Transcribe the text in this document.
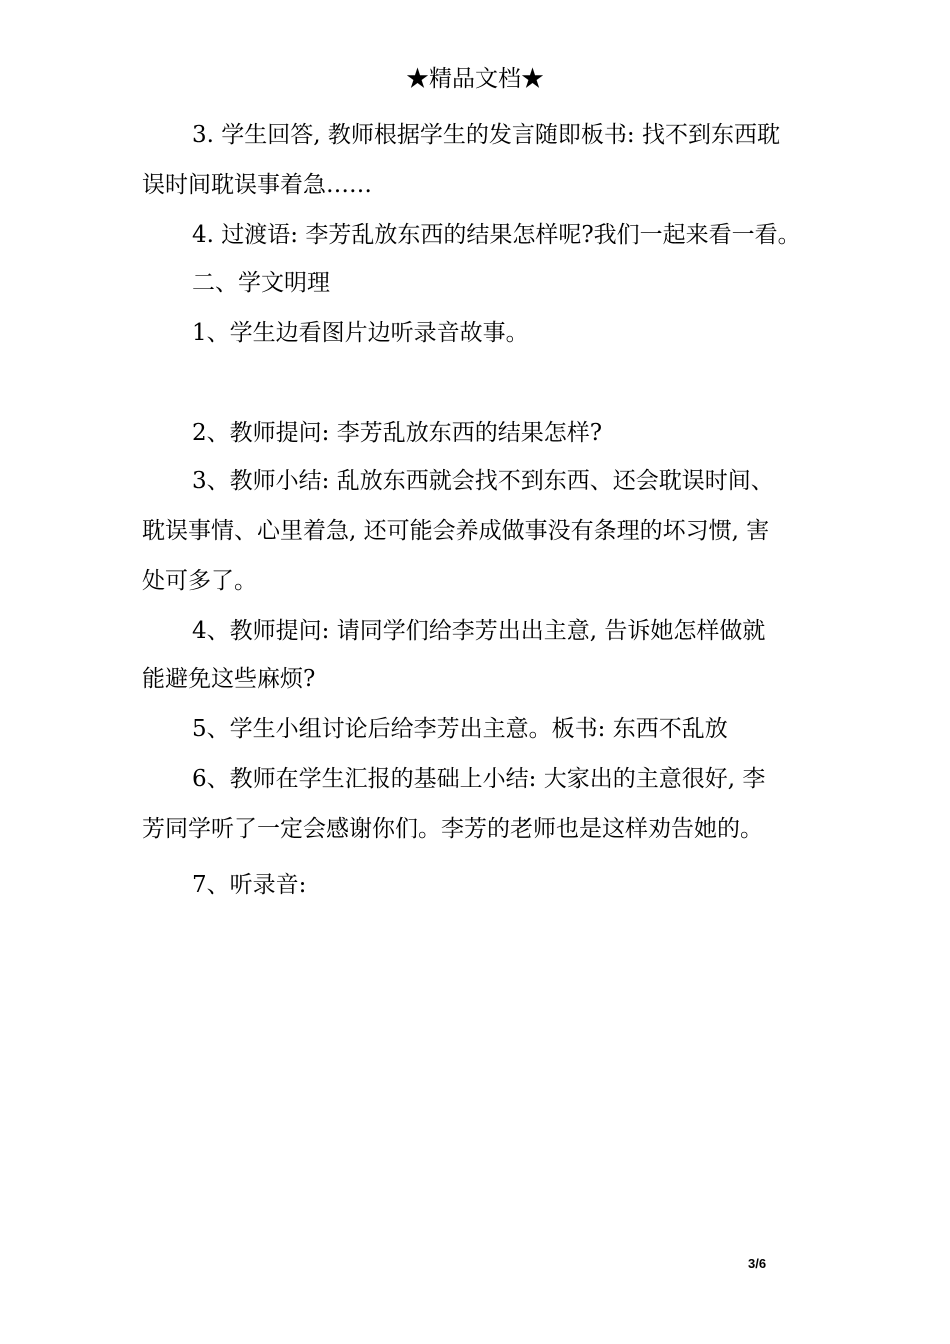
★精品文档★
3. 学生回答, 教师根据学生的发言随即板书: 找不到东西耽
误时间耽误事着急……
4. 过渡语: 李芳乱放东西的结果怎样呢?我们一起来看一看。
二、学文明理
1、学生边看图片边听录音故事。
2、教师提问: 李芳乱放东西的结果怎样?
3、教师小结: 乱放东西就会找不到东西、还会耽误时间、
耽误事情、心里着急, 还可能会养成做事没有条理的坏习惯, 害
处可多了。
4、教师提问: 请同学们给李芳出出主意, 告诉她怎样做就
能避免这些麻烦?
5、学生小组讨论后给李芳出主意。板书: 东西不乱放
6、教师在学生汇报的基础上小结: 大家出的主意很好, 李
芳同学听了一定会感谢你们。李芳的老师也是这样劝告她的。
7、听录音:
3/6
